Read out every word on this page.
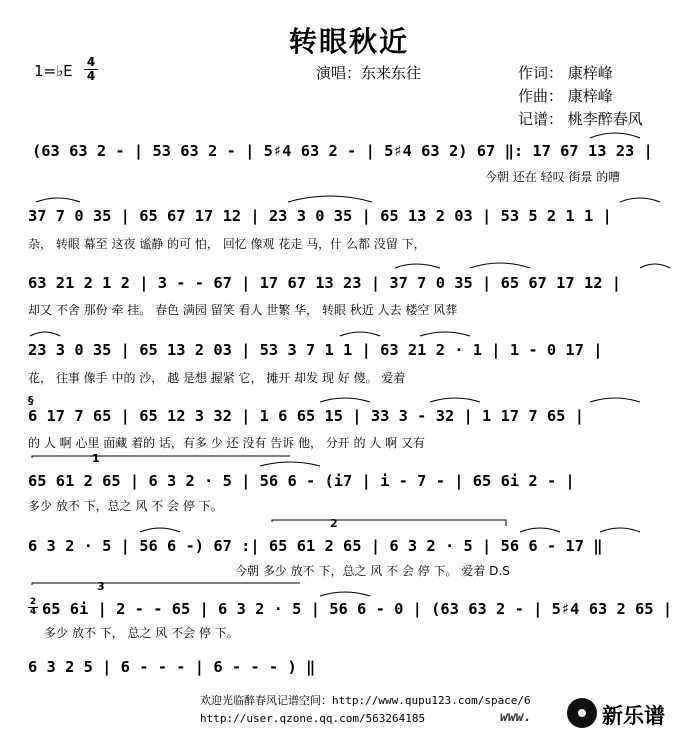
转眼秋近
1=♭E 4
4	演唱：东来东往	作词： 康梓峰
作曲： 康梓峰
记谱： 桃李醉春风
(63 63 2 - | 53 63 2 - | 5♯4 63 2 - | 5♯4 63 2) 67 ‖: 17 67 13 23 |
今朝 还在 轻叹 街景 的嘈
37 7 0 35 | 65 67 17 12 | 23 3 0 35 | 65 13 2 03 | 53 5 2 1 1 |
杂， 转眼 幕至 这夜 谧静 的可 怕， 回忆 像观 花走 马，什 么都 没留 下，
63 21 2 1 2 | 3 - - 67 | 17 67 13 23 | 37 7 0 35 | 65 67 17 12 |
却又 不舍 那份 牵 挂。 春色 满园 留笑 看人 世繁 华， 转眼 秋近 人去 楼空 风葬
23 3 0 35 | 65 13 2 03 | 53 3 7 1 1 | 63 21 2 · 1 | 1 - 0 17 |
花， 往事 像手 中的 沙， 越 是想 握紧 它， 摊开 却发 现 好 傻。 爱着
§
6 17 7 65 | 65 12 3 32 | 1 6 65 15 | 33 3 - 32 | 1 17 7 65 |
的 人 啊 心里 面藏 着的 话，有多 少 还 没有 告诉 他， 分开 的 人 啊 又有
1
65 61 2 65 | 6 3 2 · 5 | 56 6 - (i7 | i - 7 - | 65 6i 2 - |
多少 放不 下，总之 风 不 会 停 下。
2
6 3 2 · 5 | 56 6 -) 67 :| 65 61 2 65 | 6 3 2 · 5 | 56 6 - 17 ‖
今朝 多少 放不 下，总之 风 不 会 停 下。 爱着 D.S
3
2
4 65 6i | 2 - - 65 | 6 3 2 · 5 | 56 6 - 0 | (63 63 2 - | 5♯4 63 2 65 |
多少 放不 下， 总之 风 不会 停 下。
6 3 2 5 | 6 - - - | 6 - - - ) ‖
欢迎光临醉春风记谱空间：http://www.qupu123.com/space/6
http://user.qzone.qq.com/563264185	www.	新乐谱
